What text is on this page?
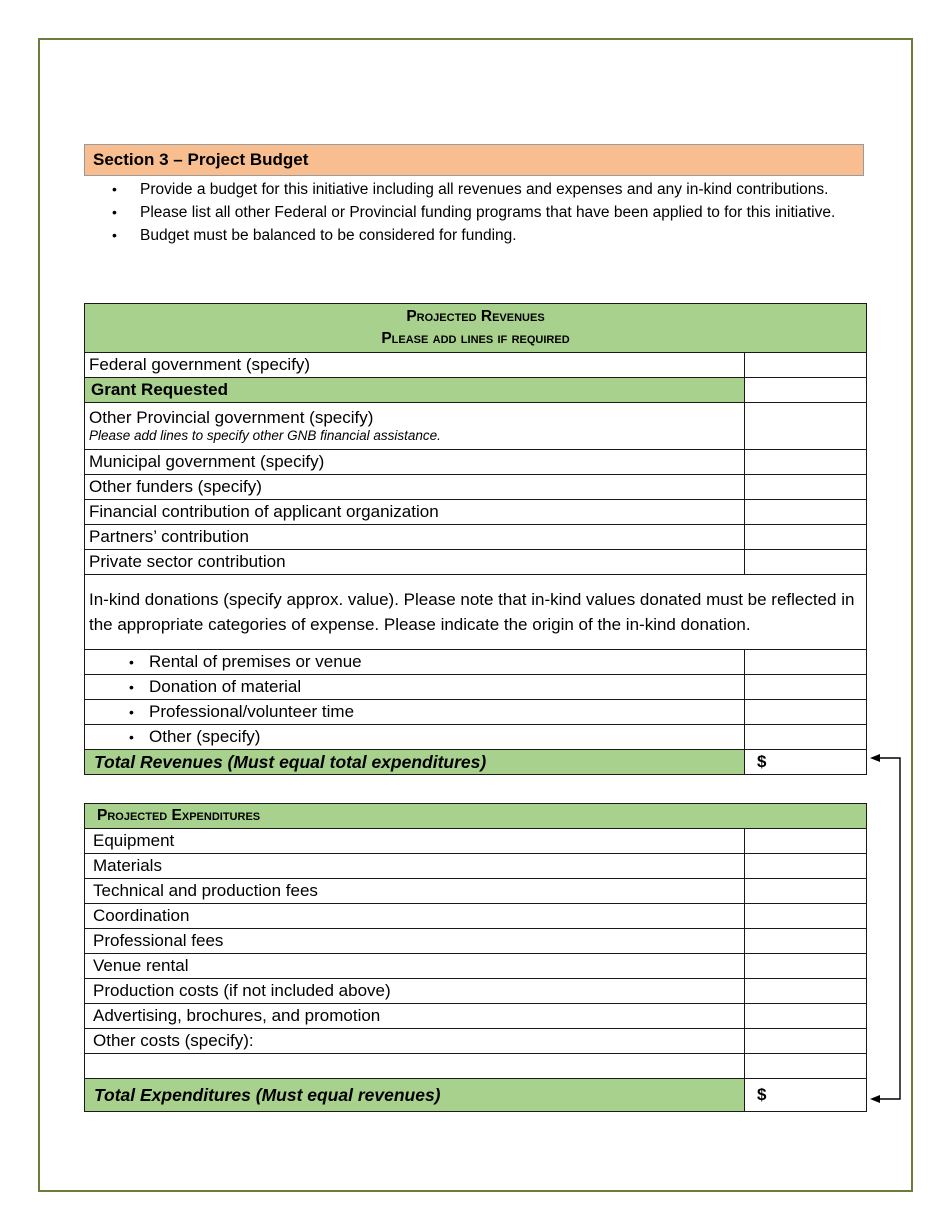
Section 3 – Project Budget
• Provide a budget for this initiative including all revenues and expenses and any in-kind contributions.
• Please list all other Federal or Provincial funding programs that have been applied to for this initiative.
• Budget must be balanced to be considered for funding.
Projected Revenues
Please add lines if required	
Federal government (specify)	
Grant Requested	
Other Provincial government (specify)
Please add lines to specify other GNB financial assistance.	

Municipal government (specify)	
Other funders (specify)	
Financial contribution of applicant organization	
Partners’ contribution	
Private sector contribution	
In-kind donations (specify approx. value). Please note that in-kind values donated must be reflected in the appropriate categories of expense. Please indicate the origin of the in-kind donation.	
• Rental of premises or venue	
• Donation of material	
• Professional/volunteer time	
• Other (specify)	
Total Revenues (Must equal total expenditures)	$
Projected Expenditures	
Equipment	
Materials	
Technical and production fees	
Coordination	
Professional fees	
Venue rental	
Production costs (if not included above)	
Advertising, brochures, and promotion	
Other costs (specify):	

Total Expenditures (Must equal revenues)	$
